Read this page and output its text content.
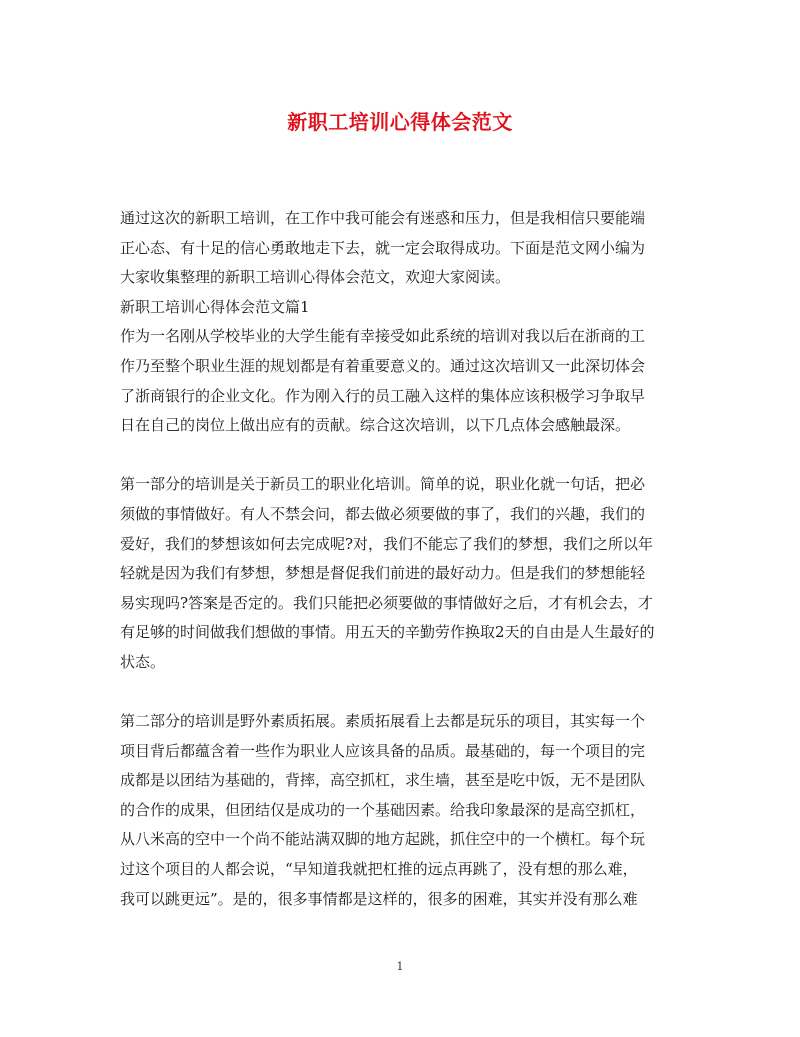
新职工培训心得体会范文
通过这次的新职工培训，在工作中我可能会有迷惑和压力，但是我相信只要能端
正心态、有十足的信心勇敢地走下去，就一定会取得成功。下面是范文网小编为
大家收集整理的新职工培训心得体会范文，欢迎大家阅读。
新职工培训心得体会范文篇1
作为一名刚从学校毕业的大学生能有幸接受如此系统的培训对我以后在浙商的工
作乃至整个职业生涯的规划都是有着重要意义的。通过这次培训又一此深切体会
了浙商银行的企业文化。作为刚入行的员工融入这样的集体应该积极学习争取早
日在自己的岗位上做出应有的贡献。综合这次培训，以下几点体会感触最深。
第一部分的培训是关于新员工的职业化培训。简单的说，职业化就一句话，把必
须做的事情做好。有人不禁会问，都去做必须要做的事了，我们的兴趣，我们的
爱好，我们的梦想该如何去完成呢?对，我们不能忘了我们的梦想，我们之所以年
轻就是因为我们有梦想，梦想是督促我们前进的最好动力。但是我们的梦想能轻
易实现吗?答案是否定的。我们只能把必须要做的事情做好之后，才有机会去，才
有足够的时间做我们想做的事情。用五天的辛勤劳作换取2天的自由是人生最好的
状态。
第二部分的培训是野外素质拓展。素质拓展看上去都是玩乐的项目，其实每一个
项目背后都蕴含着一些作为职业人应该具备的品质。最基础的，每一个项目的完
成都是以团结为基础的，背摔，高空抓杠，求生墙，甚至是吃中饭，无不是团队
的合作的成果，但团结仅是成功的一个基础因素。给我印象最深的是高空抓杠，
从八米高的空中一个尚不能站满双脚的地方起跳，抓住空中的一个横杠。每个玩
过这个项目的人都会说，“早知道我就把杠推的远点再跳了，没有想的那么难，
我可以跳更远”。是的，很多事情都是这样的，很多的困难，其实并没有那么难
1
